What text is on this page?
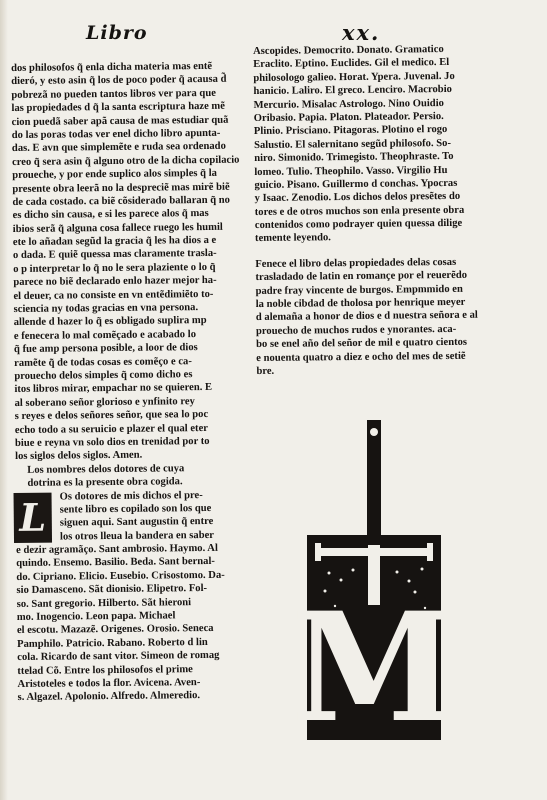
Libro	xx.
dos philosofos q̃ enla dicha materia mas entẽ
dieró, y esto asin q̃ los de poco poder q̃ acausa d̃
pobrezã no pueden tantos libros ver para que
las propiedades d q̃ la santa escriptura haze mẽ
cion puedã saber apã causa de mas estudiar quã
do las poras todas ver enel dicho libro apunta-
das. E avn que simplemẽte e ruda sea ordenado
creo q̃ sera asin q̃ alguno otro de la dicha copilacio
proueche, y por ende suplico alos simples q̃ la
presente obra leerã no la despreciẽ mas mirẽ biẽ
de cada costado. ca biẽ cõsiderado ballaran q̃ no
es dicho sin causa, e si les parece alos q̃ mas
ibios serã q̃ alguna cosa fallece ruego les humil
ete lo añadan segũd la gracia q̃ les ha dios a e
o dada. E quiẽ quessa mas claramente trasla-
o p interpretar lo q̃ no le sera plaziente o lo q̃
parece no biẽ declarado enlo hazer mejor ha-
el deuer, ca no consiste en vn entẽdimiẽto to-
sciencia ny todas gracias en vna persona.
allende d hazer lo q̃ es obligado suplira mp
e fenecera lo mal comẽçado e acabado lo
q̃ fue amp persona posible, a loor de dios
ramẽte q̃ de todas cosas es comẽço e ca-
prouecho delos simples q̃ como dicho es
itos libros mirar, empachar no se quieren. E
al soberano señor glorioso e ynfinito rey
s reyes e delos señores señor, que sea lo poc
echo todo a su seruicio e plazer el qual eter
biue e reyna vn solo dios en trenidad por to
los siglos delos siglos. Amen.
Los nombres delos dotores de cuya
dotrina es la presente obra cogida.
L	Os dotores de mis dichos el pre-
sente libro es copilado son los que
siguen aqui. Sant augustin q̃ entre
los otros lleua la bandera en saber
e dezir agramãço. Sant ambrosio. Haymo. Al
quindo. Ensemo. Basilio. Beda. Sant bernal-
do. Cipriano. Elicio. Eusebio. Crisostomo. Da-
sio Damasceno. Sãt dionisio. Elipetro. Fol-
so. Sant gregorio. Hilberto. Sãt hieroni
mo. Inogencio. Leon papa. Michael
el escotu. Mazazẽ. Origenes. Orosio. Seneca
Pamphilo. Patricio. Rabano. Roberto d lin
cola. Ricardo de sant vitor. Simeon de romag
ttelad Cõ. Entre los philosofos el prime
Aristoteles e todos la flor. Avicena. Aven-
s. Algazel. Apolonio. Alfredo. Almeredio.
Ascopides. Democrito. Donato. Gramatico
Eraclito. Eptino. Euclides. Gil el medico. El
philosologo galieo. Horat. Ypera. Juvenal. Jo
hanicio. Laliro. El greco. Lenciro. Macrobio
Mercurio. Misalac Astrologo. Nino Ouidio
Oribasio. Papia. Platon. Plateador. Persio.
Plinio. Prisciano. Pitagoras. Plotino el rogo
Salustio. El salernitano segũd philosofo. So-
niro. Simonido. Trimegisto. Theophraste. To
lomeo. Tulio. Theophilo. Vasso. Virgilio Hu
guicio. Pisano. Guillermo d conchas. Ypocras
y Isaac. Zenodio. Los dichos delos presẽtes do
tores e de otros muchos son enla presente obra
contenidos como podrayer quien quessa dilige
temente leyendo.
Fenece el libro delas propiedades delas cosas
trasladado de latin en romançe por el reuerẽdo
padre fray vincente de burgos. Empmmido en
la noble cibdad de tholosa por henrique meyer
d alemaña a honor de dios e d nuestra señora e al
prouecho de muchos rudos e ynorantes. aca-
bo se enel año del señor de mil e quatro cientos
e nouenta quatro a diez e ocho del mes de setiẽ
bre.
M
